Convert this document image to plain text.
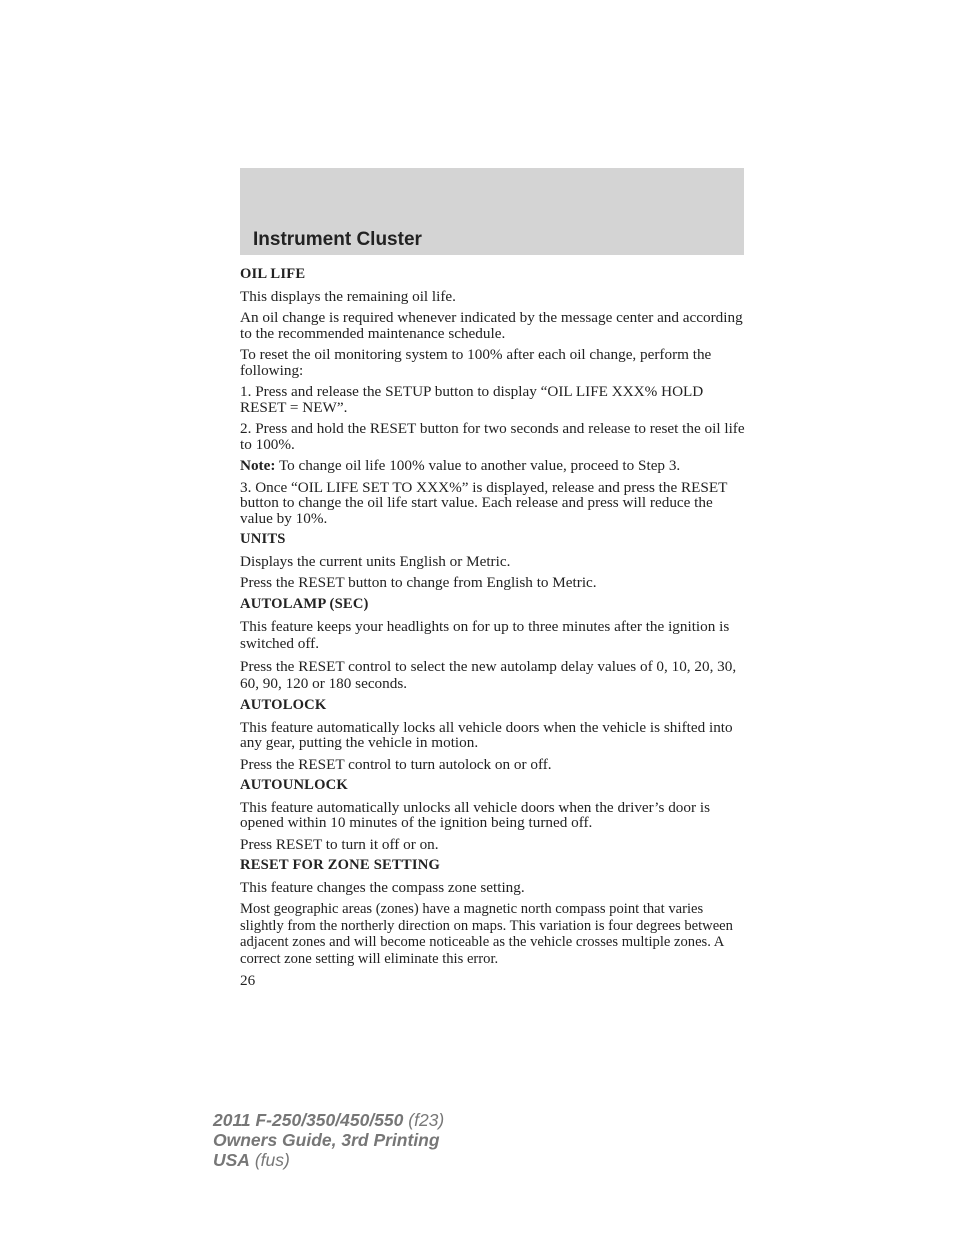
Instrument Cluster
OIL LIFE
This displays the remaining oil life.
An oil change is required whenever indicated by the message center and according to the recommended maintenance schedule.
To reset the oil monitoring system to 100% after each oil change, perform the following:
1. Press and release the SETUP button to display “OIL LIFE XXX% HOLD RESET = NEW”.
2. Press and hold the RESET button for two seconds and release to reset the oil life to 100%.
Note: To change oil life 100% value to another value, proceed to Step 3.
3. Once “OIL LIFE SET TO XXX%” is displayed, release and press the RESET button to change the oil life start value. Each release and press will reduce the value by 10%.
UNITS
Displays the current units English or Metric.
Press the RESET button to change from English to Metric.
AUTOLAMP (SEC)
This feature keeps your headlights on for up to three minutes after the ignition is switched off.
Press the RESET control to select the new autolamp delay values of 0, 10, 20, 30, 60, 90, 120 or 180 seconds.
AUTOLOCK
This feature automatically locks all vehicle doors when the vehicle is shifted into any gear, putting the vehicle in motion.
Press the RESET control to turn autolock on or off.
AUTOUNLOCK
This feature automatically unlocks all vehicle doors when the driver’s door is opened within 10 minutes of the ignition being turned off.
Press RESET to turn it off or on.
RESET FOR ZONE SETTING
This feature changes the compass zone setting.
Most geographic areas (zones) have a magnetic north compass point that varies slightly from the northerly direction on maps. This variation is four degrees between adjacent zones and will become noticeable as the vehicle crosses multiple zones. A correct zone setting will eliminate this error.
26
2011 F-250/350/450/550 (f23)
Owners Guide, 3rd Printing
USA (fus)
